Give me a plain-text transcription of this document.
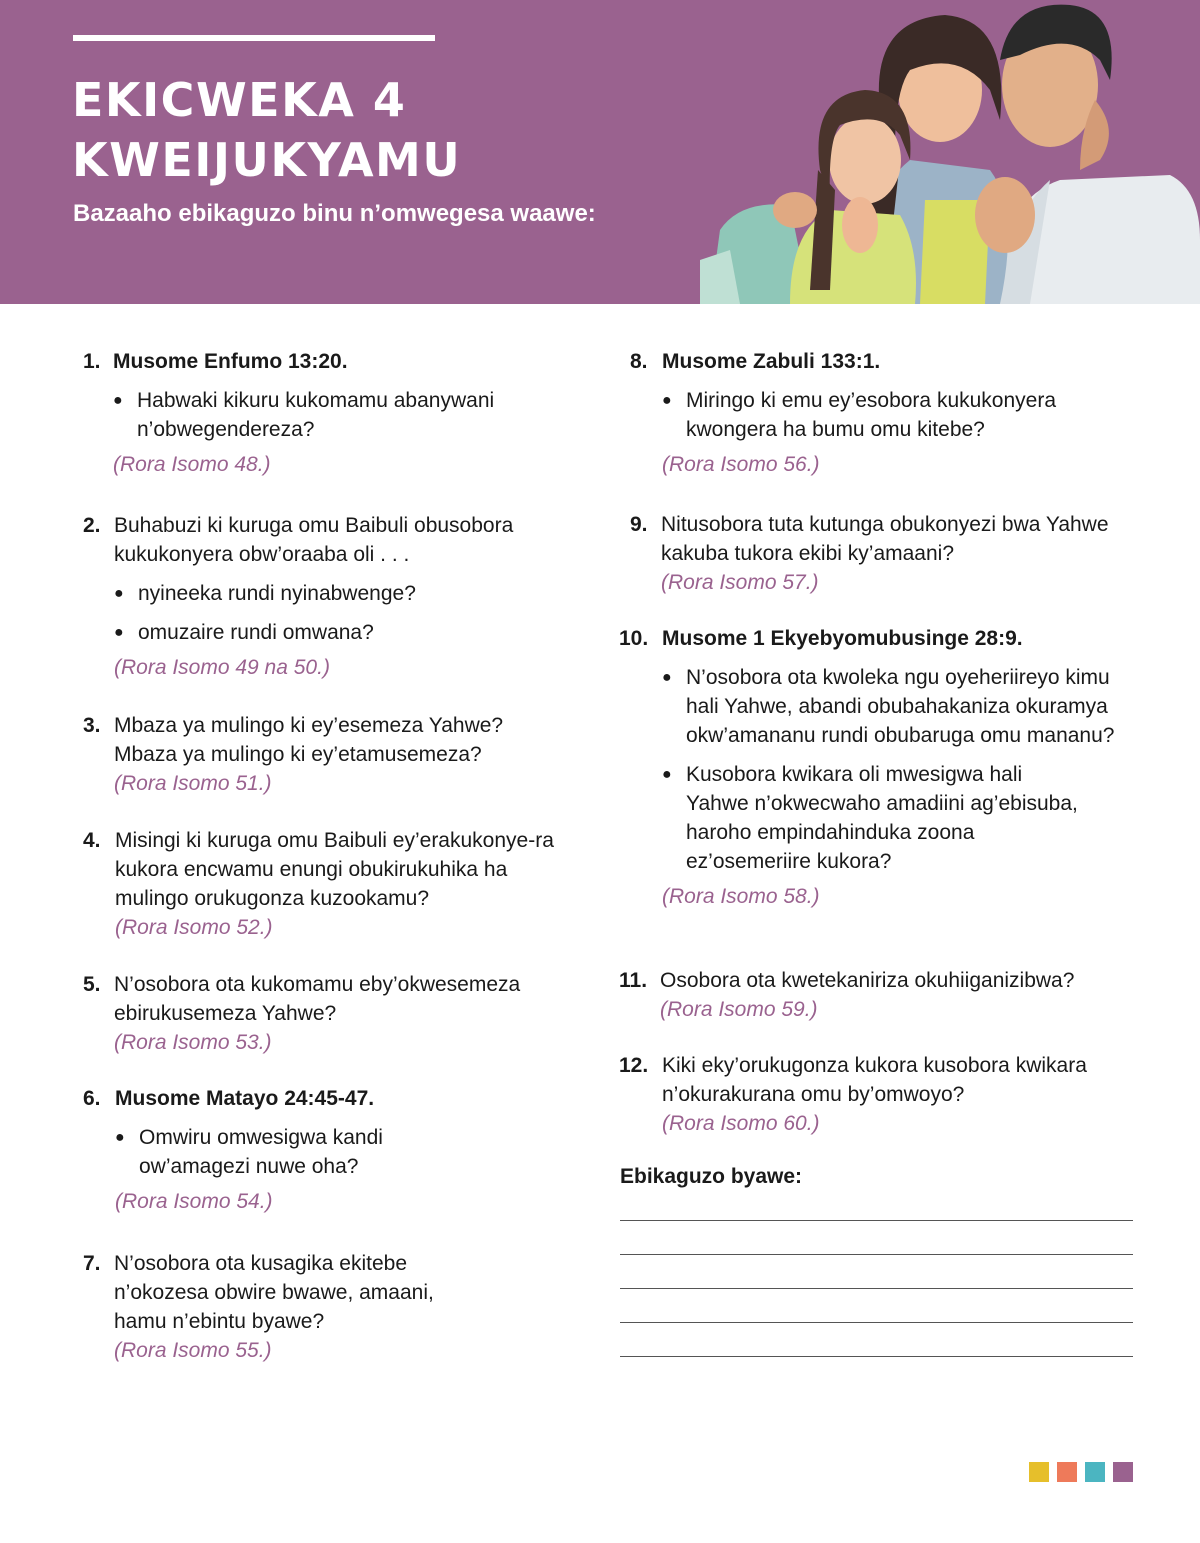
EKICWEKA 4
KWEIJUKYAMU
Bazaaho ebikaguzo binu n’omwegesa waawe:
1. Musome Enfumo 13:20.
● Habwaki kikuru kukomamu abanywani n’obwegendereza?
(Rora Isomo 48.)
2. Buhabuzi ki kuruga omu Baibuli obusobora kukukonyera obw’oraaba oli . . .
● nyineeka rundi nyinabwenge?
● omuzaire rundi omwana?
(Rora Isomo 49 na 50.)
3. Mbaza ya mulingo ki ey’esemeza Yahwe? Mbaza ya mulingo ki ey’etamusemeza?
(Rora Isomo 51.)
4. Misingi ki kuruga omu Baibuli ey’erakukonye-ra kukora encwamu enungi obukirukuhika ha mulingo orukugonza kuzookamu?
(Rora Isomo 52.)
5. N’osobora ota kukomamu eby’okwesemeza ebirukusemeza Yahwe?
(Rora Isomo 53.)
6. Musome Matayo 24:45-47.
● Omwiru omwesigwa kandi ow’amagezi nuwe oha?
(Rora Isomo 54.)
7. N’osobora ota kusagika ekitebe n’okozesa obwire bwawe, amaani, hamu n’ebintu byawe?
(Rora Isomo 55.)
8. Musome Zabuli 133:1.
● Miringo ki emu ey’esobora kukukonyera kwongera ha bumu omu kitebe?
(Rora Isomo 56.)
9. Nitusobora tuta kutunga obukonyezi bwa Yahwe kakuba tukora ekibi ky’amaani?
(Rora Isomo 57.)
10. Musome 1 Ekyebyomubusinge 28:9.
● N’osobora ota kwoleka ngu oyeheriireyo kimu hali Yahwe, abandi obubahakaniza okuramya okw’amananu rundi obubaruga omu mananu?
● Kusobora kwikara oli mwesigwa hali Yahwe n’okwecwaho amadiini ag’ebisuba, haroho empindahinduka zoona ez’osemeriire kukora?
(Rora Isomo 58.)
11. Osobora ota kwetekaniriza okuhiiganizibwa?
(Rora Isomo 59.)
12. Kiki eky’orukugonza kukora kusobora kwikara n’okurakurana omu by’omwoyo?
(Rora Isomo 60.)
Ebikaguzo byawe:
